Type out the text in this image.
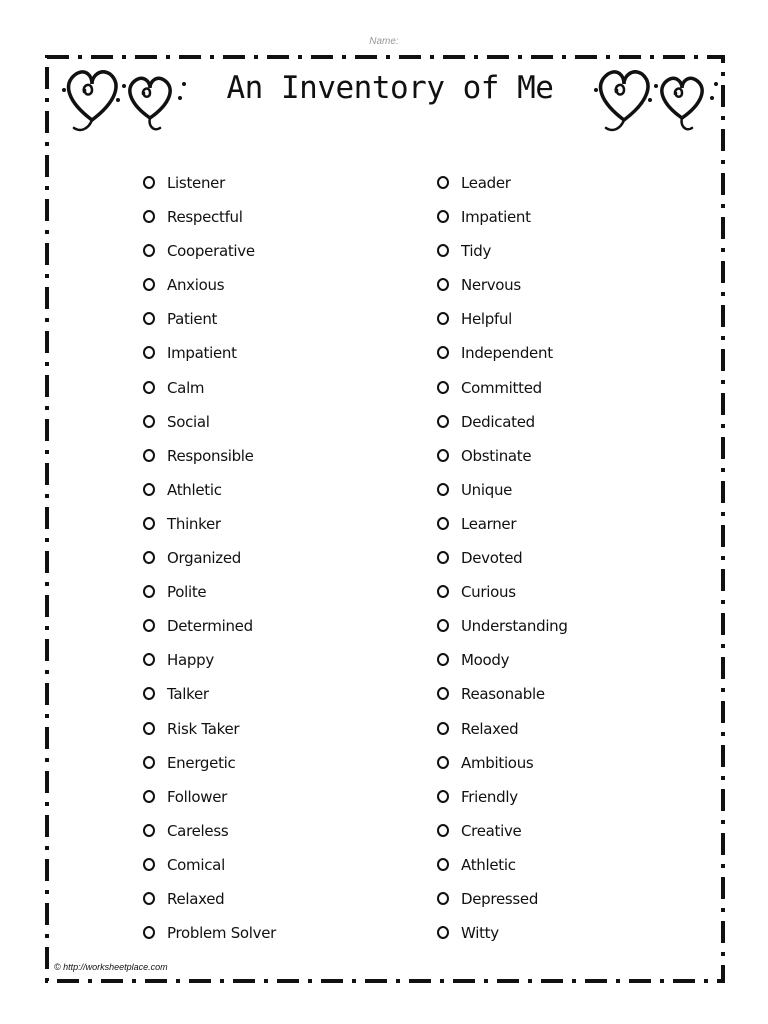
Name:
An Inventory of Me
Listener
Respectful
Cooperative
Anxious
Patient
Impatient
Calm
Social
Responsible
Athletic
Thinker
Organized
Polite
Determined
Happy
Talker
Risk Taker
Energetic
Follower
Careless
Comical
Relaxed
Problem Solver
Leader
Impatient
Tidy
Nervous
Helpful
Independent
Committed
Dedicated
Obstinate
Unique
Learner
Devoted
Curious
Understanding
Moody
Reasonable
Relaxed
Ambitious
Friendly
Creative
Athletic
Depressed
Witty
© http://worksheetplace.com
